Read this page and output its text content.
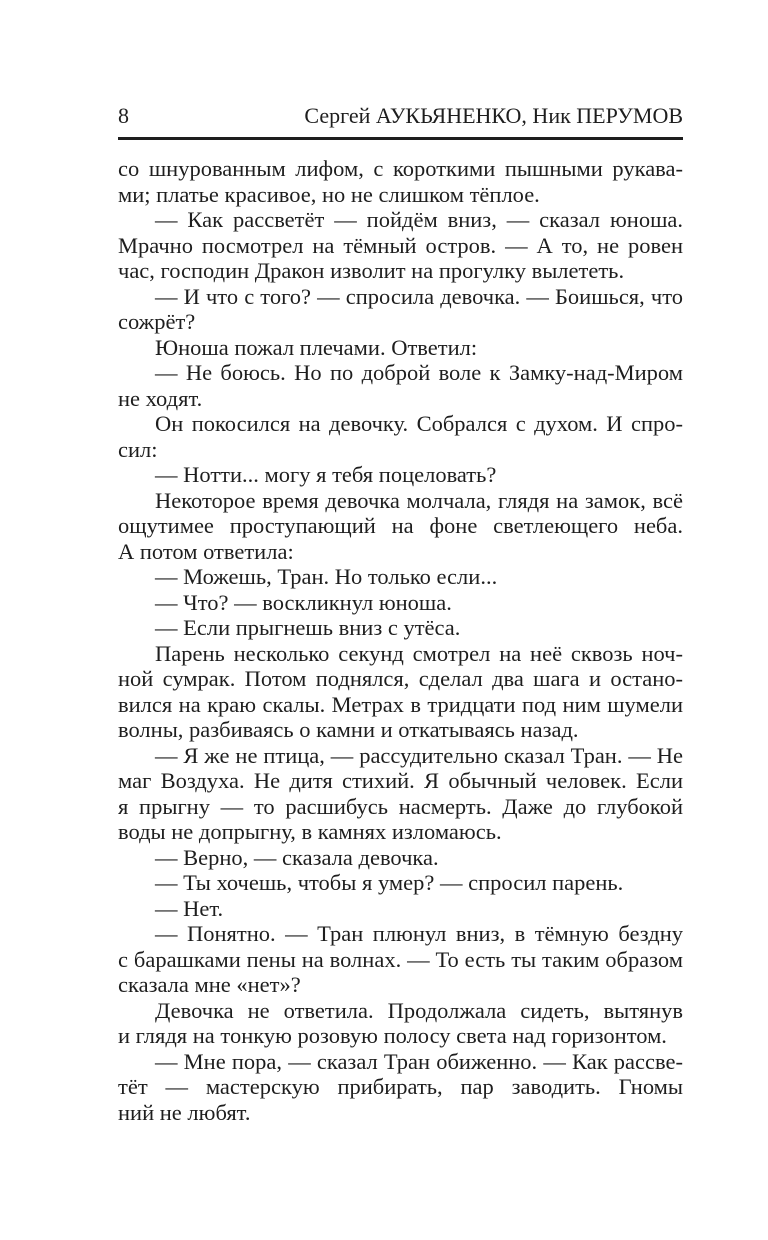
8	Сергей АУКЬЯНЕНКО, Ник ПЕРУМОВ
со шнурованным лифом, с короткими пышными рукава-
ми; платье красивое, но не слишком тёплое.
— Как рассветёт — пойдём вниз, — сказал юноша.
Мрачно посмотрел на тёмный остров. — А то, не ровен
час, господин Дракон изволит на прогулку вылететь.
— И что с того? — спросила девочка. — Боишься, что
сожрёт?
Юноша пожал плечами. Ответил:
— Не боюсь. Но по доброй воле к Замку-над-Миром
не ходят.
Он покосился на девочку. Собрался с духом. И спро-
сил:
— Нотти... могу я тебя поцеловать?
Некоторое время девочка молчала, глядя на замок, всё
ощутимее проступающий на фоне светлеющего неба.
А потом ответила:
— Можешь, Тран. Но только если...
— Что? — воскликнул юноша.
— Если прыгнешь вниз с утёса.
Парень несколько секунд смотрел на неё сквозь ноч-
ной сумрак. Потом поднялся, сделал два шага и остано-
вился на краю скалы. Метрах в тридцати под ним шумели
волны, разбиваясь о камни и откатываясь назад.
— Я же не птица, — рассудительно сказал Тран. — Не
маг Воздуха. Не дитя стихий. Я обычный человек. Если
я прыгну — то расшибусь насмерть. Даже до глубокой
воды не допрыгну, в камнях изломаюсь.
— Верно, — сказала девочка.
— Ты хочешь, чтобы я умер? — спросил парень.
— Нет.
— Понятно. — Тран плюнул вниз, в тёмную бездну
с барашками пены на волнах. — То есть ты таким образом
сказала мне «нет»?
Девочка не ответила. Продолжала сидеть, вытянув
и глядя на тонкую розовую полосу света над горизонтом.
— Мне пора, — сказал Тран обиженно. — Как рассве-
тёт — мастерскую прибирать, пар заводить. Гномы
ний не любят.
